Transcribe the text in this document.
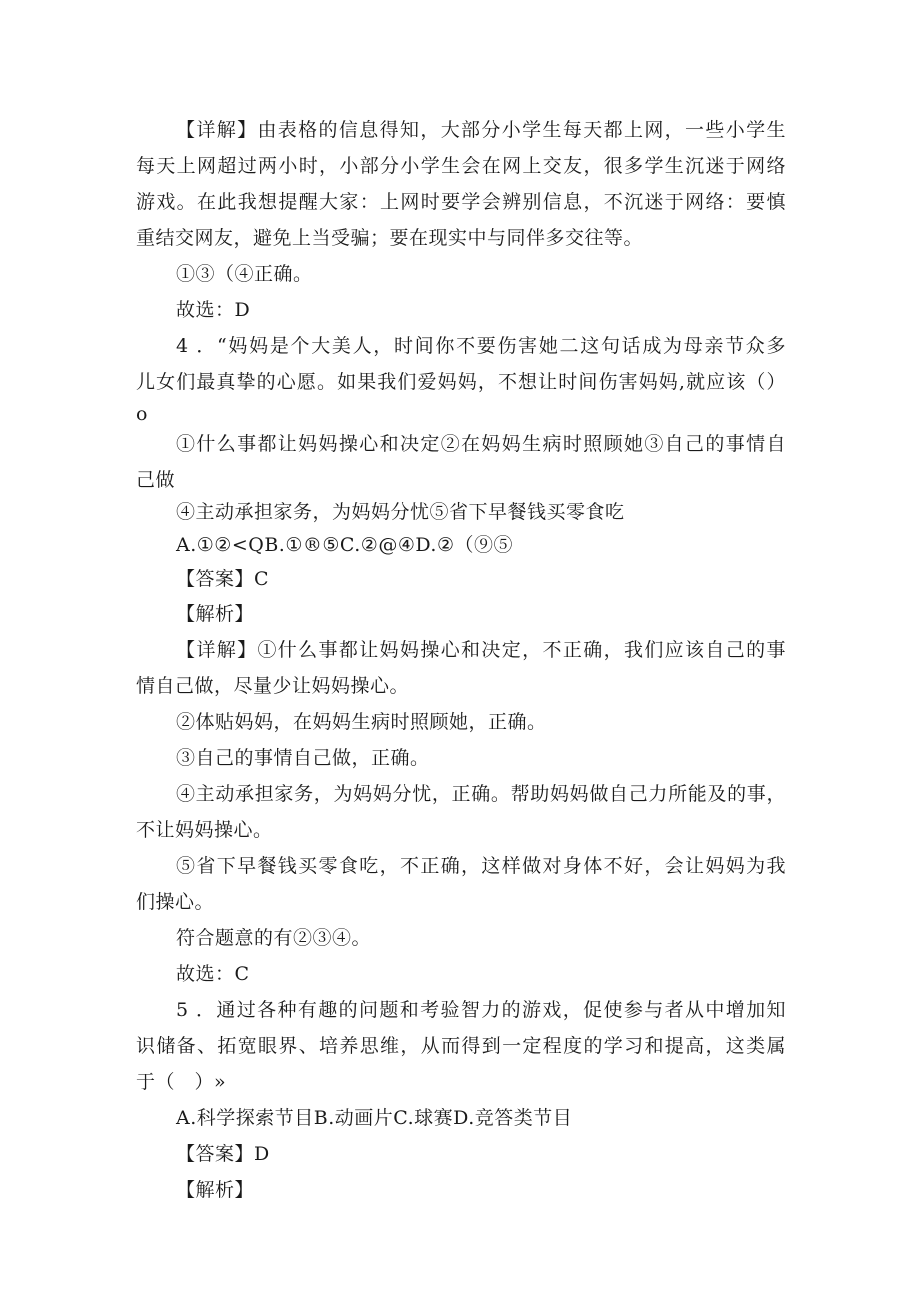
【详解】由表格的信息得知，大部分小学生每天都上网，一些小学生
每天上网超过两小时，小部分小学生会在网上交友，很多学生沉迷于网络
游戏。在此我想提醒大家：上网时要学会辨别信息，不沉迷于网络：要慎
重结交网友，避免上当受骗；要在现实中与同伴多交往等。
①③（④正确。
故选：D
4 ．“妈妈是个大美人，时间你不要伤害她二这句话成为母亲节众多
儿女们最真挚的心愿。如果我们爱妈妈，不想让时间伤害妈妈,就应该（）
o
①什么事都让妈妈操心和决定②在妈妈生病时照顾她③自己的事情自
己做
④主动承担家务，为妈妈分忧⑤省下早餐钱买零食吃
A.①②<QB.①®⑤C.②@④D.②（⑨⑤
【答案】C
【解析】
【详解】①什么事都让妈妈操心和决定，不正确，我们应该自己的事
情自己做，尽量少让妈妈操心。
②体贴妈妈，在妈妈生病时照顾她，正确。
③自己的事情自己做，正确。
④主动承担家务，为妈妈分忧，正确。帮助妈妈做自己力所能及的事，
不让妈妈操心。
⑤省下早餐钱买零食吃，不正确，这样做对身体不好，会让妈妈为我
们操心。
符合题意的有②③④。
故选：C
5 ．通过各种有趣的问题和考验智力的游戏，促使参与者从中增加知
识储备、拓宽眼界、培养思维，从而得到一定程度的学习和提高，这类属
于（　）»
A.科学探索节目B.动画片C.球赛D.竞答类节目
【答案】D
【解析】
